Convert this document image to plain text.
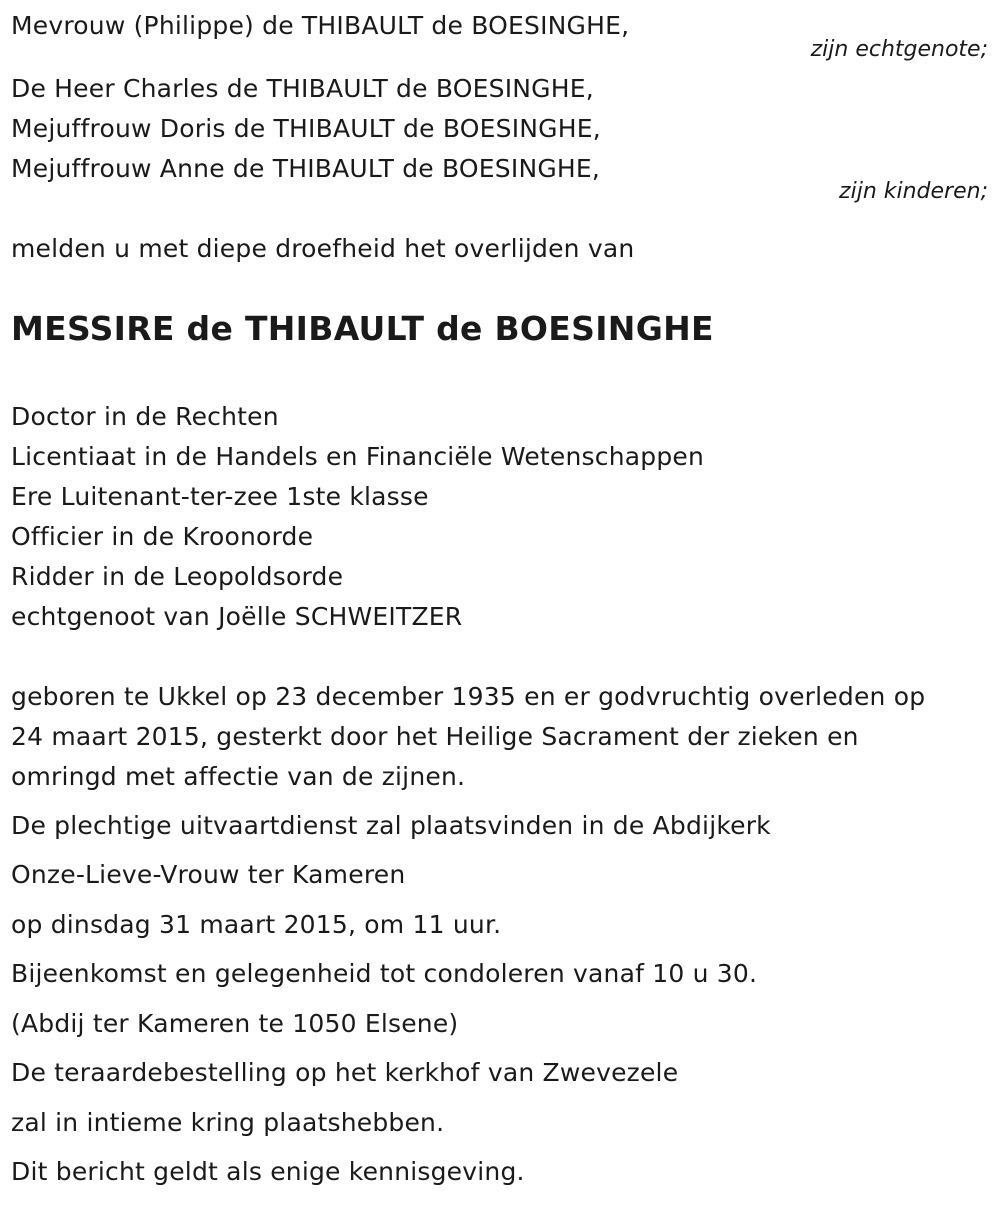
Mevrouw (Philippe) de THIBAULT de BOESINGHE,
zijn echtgenote;
De Heer Charles de THIBAULT de BOESINGHE,
Mejuffrouw Doris de THIBAULT de BOESINGHE,
Mejuffrouw Anne de THIBAULT de BOESINGHE,
zijn kinderen;
melden u met diepe droefheid het overlijden van
MESSIRE de THIBAULT de BOESINGHE
Doctor in de Rechten
Licentiaat in de Handels en Financiële Wetenschappen
Ere Luitenant-ter-zee 1ste klasse
Officier in de Kroonorde
Ridder in de Leopoldsorde
echtgenoot van Joëlle SCHWEITZER
geboren te Ukkel op 23 december 1935 en er godvruchtig overleden op
24 maart 2015, gesterkt door het Heilige Sacrament der zieken en
omringd met affectie van de zijnen.
De plechtige uitvaartdienst zal plaatsvinden in de Abdijkerk
Onze-Lieve-Vrouw ter Kameren
op dinsdag 31 maart 2015, om 11 uur.
Bijeenkomst en gelegenheid tot condoleren vanaf 10 u 30.
(Abdij ter Kameren te 1050 Elsene)
De teraardebestelling op het kerkhof van Zwevezele
zal in intieme kring plaatshebben.
Dit bericht geldt als enige kennisgeving.
